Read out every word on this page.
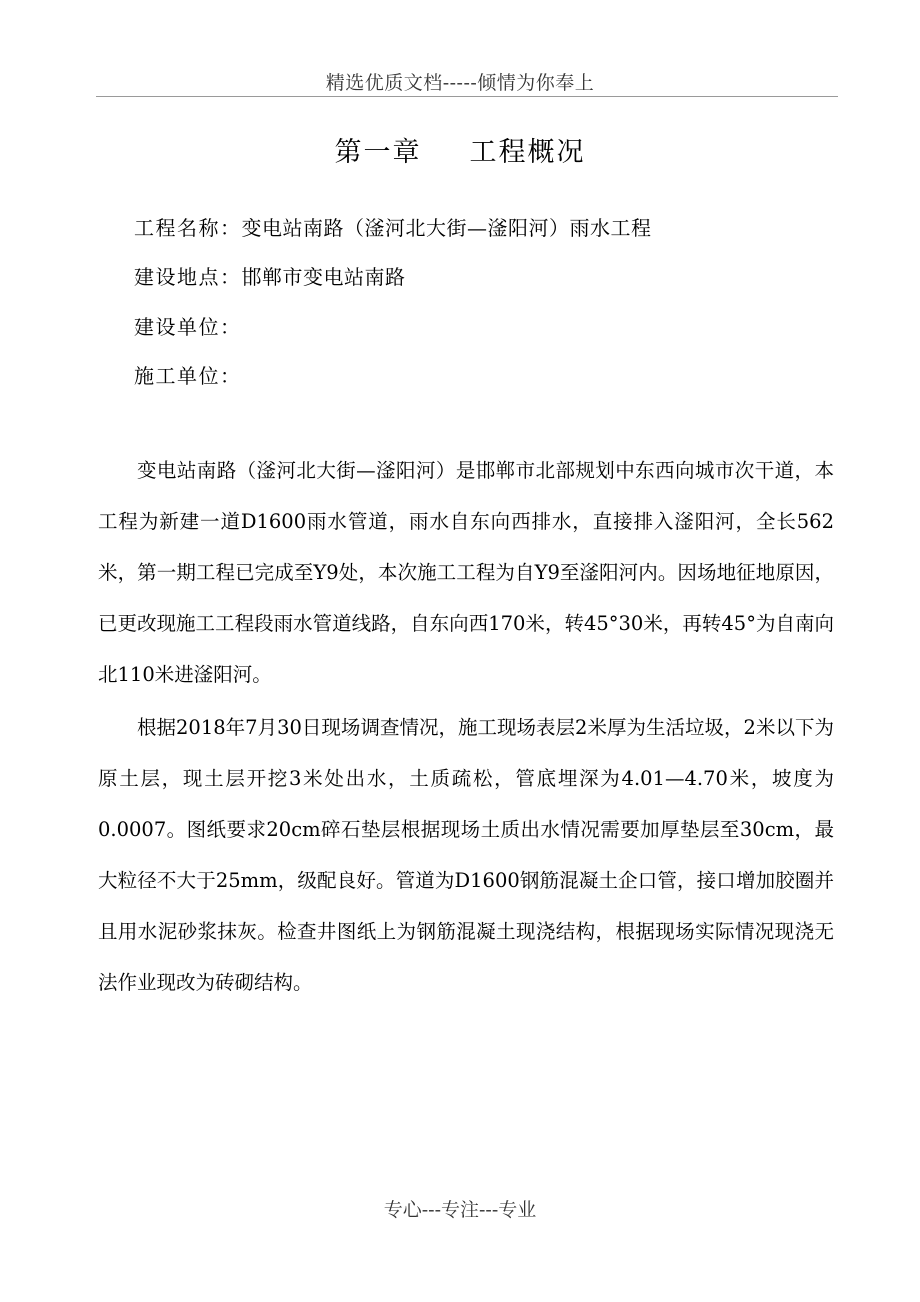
精选优质文档-----倾情为你奉上
第一章 工程概况
工程名称：变电站南路（滏河北大街—滏阳河）雨水工程
建设地点：邯郸市变电站南路
建设单位：
施工单位：

变电站南路（滏河北大街—滏阳河）是邯郸市北部规划中东西向城市次干道，本工程为新建一道D1600雨水管道，雨水自东向西排水，直接排入滏阳河，全长562米，第一期工程已完成至Y9处，本次施工工程为自Y9至滏阳河内。因场地征地原因，已更改现施工工程段雨水管道线路，自东向西170米，转45°30米，再转45°为自南向北110米进滏阳河。

根据2018年7月30日现场调查情况，施工现场表层2米厚为生活垃圾，2米以下为原土层，现土层开挖3米处出水，土质疏松，管底埋深为4.01—4.70米，坡度为0.0007。图纸要求20cm碎石垫层根据现场土质出水情况需要加厚垫层至30cm，最大粒径不大于25mm，级配良好。管道为D1600钢筋混凝土企口管，接口增加胶圈并且用水泥砂浆抹灰。检查井图纸上为钢筋混凝土现浇结构，根据现场实际情况现浇无法作业现改为砖砌结构。

专心---专注---专业
